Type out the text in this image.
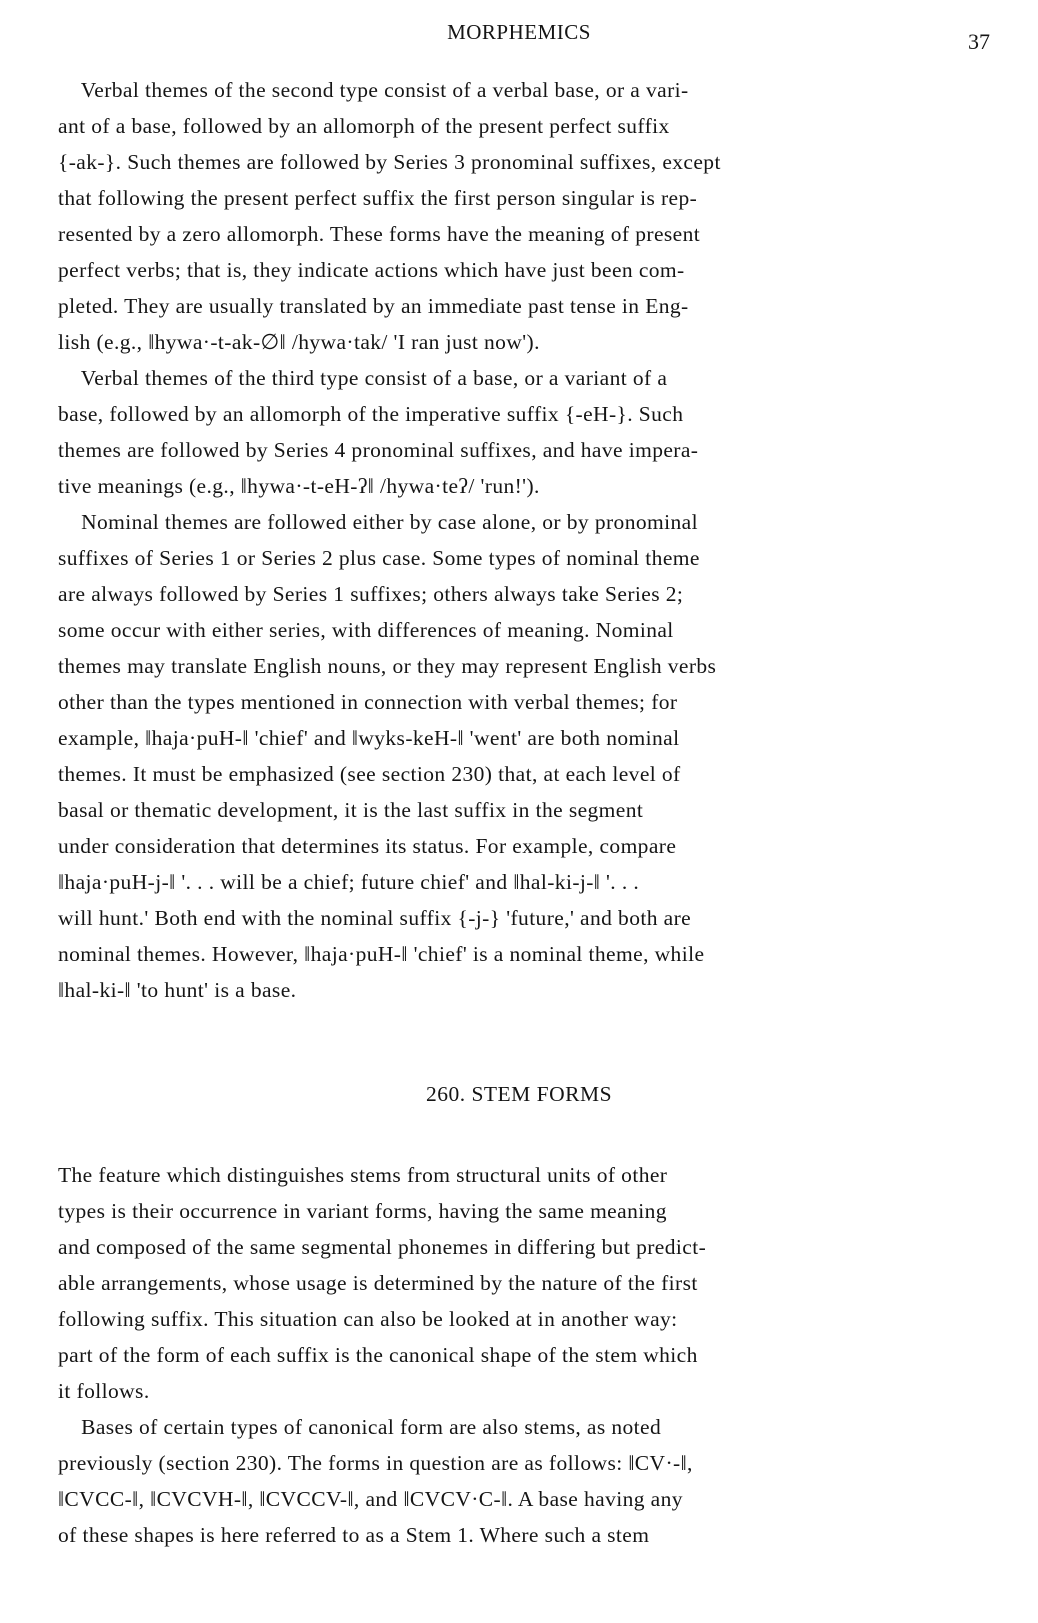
MORPHEMICS	37
Verbal themes of the second type consist of a verbal base, or a vari-
ant of a base, followed by an allomorph of the present perfect suffix
{-ak-}. Such themes are followed by Series 3 pronominal suffixes, except
that following the present perfect suffix the first person singular is rep-
resented by a zero allomorph. These forms have the meaning of present
perfect verbs; that is, they indicate actions which have just been com-
pleted. They are usually translated by an immediate past tense in Eng-
lish (e.g., ‖hywa·-t-ak-∅‖ /hywa·tak/ 'I ran just now').
Verbal themes of the third type consist of a base, or a variant of a
base, followed by an allomorph of the imperative suffix {-eH-}. Such
themes are followed by Series 4 pronominal suffixes, and have impera-
tive meanings (e.g., ‖hywa·-t-eH-ʔ‖ /hywa·teʔ/ 'run!').
Nominal themes are followed either by case alone, or by pronominal
suffixes of Series 1 or Series 2 plus case. Some types of nominal theme
are always followed by Series 1 suffixes; others always take Series 2;
some occur with either series, with differences of meaning. Nominal
themes may translate English nouns, or they may represent English verbs
other than the types mentioned in connection with verbal themes; for
example, ‖haja·puH-‖ 'chief' and ‖wyks-keH-‖ 'went' are both nominal
themes. It must be emphasized (see section 230) that, at each level of
basal or thematic development, it is the last suffix in the segment
under consideration that determines its status. For example, compare
‖haja·puH-j-‖ '. . . will be a chief; future chief' and ‖hal-ki-j-‖ '. . .
will hunt.' Both end with the nominal suffix {-j-} 'future,' and both are
nominal themes. However, ‖haja·puH-‖ 'chief' is a nominal theme, while
‖hal-ki-‖ 'to hunt' is a base.
260. STEM FORMS
The feature which distinguishes stems from structural units of other
types is their occurrence in variant forms, having the same meaning
and composed of the same segmental phonemes in differing but predict-
able arrangements, whose usage is determined by the nature of the first
following suffix. This situation can also be looked at in another way:
part of the form of each suffix is the canonical shape of the stem which
it follows.
Bases of certain types of canonical form are also stems, as noted
previously (section 230). The forms in question are as follows: ‖CV·-‖,
‖CVCC-‖, ‖CVCVH-‖, ‖CVCCV-‖, and ‖CVCV·C-‖. A base having any
of these shapes is here referred to as a Stem 1. Where such a stem
